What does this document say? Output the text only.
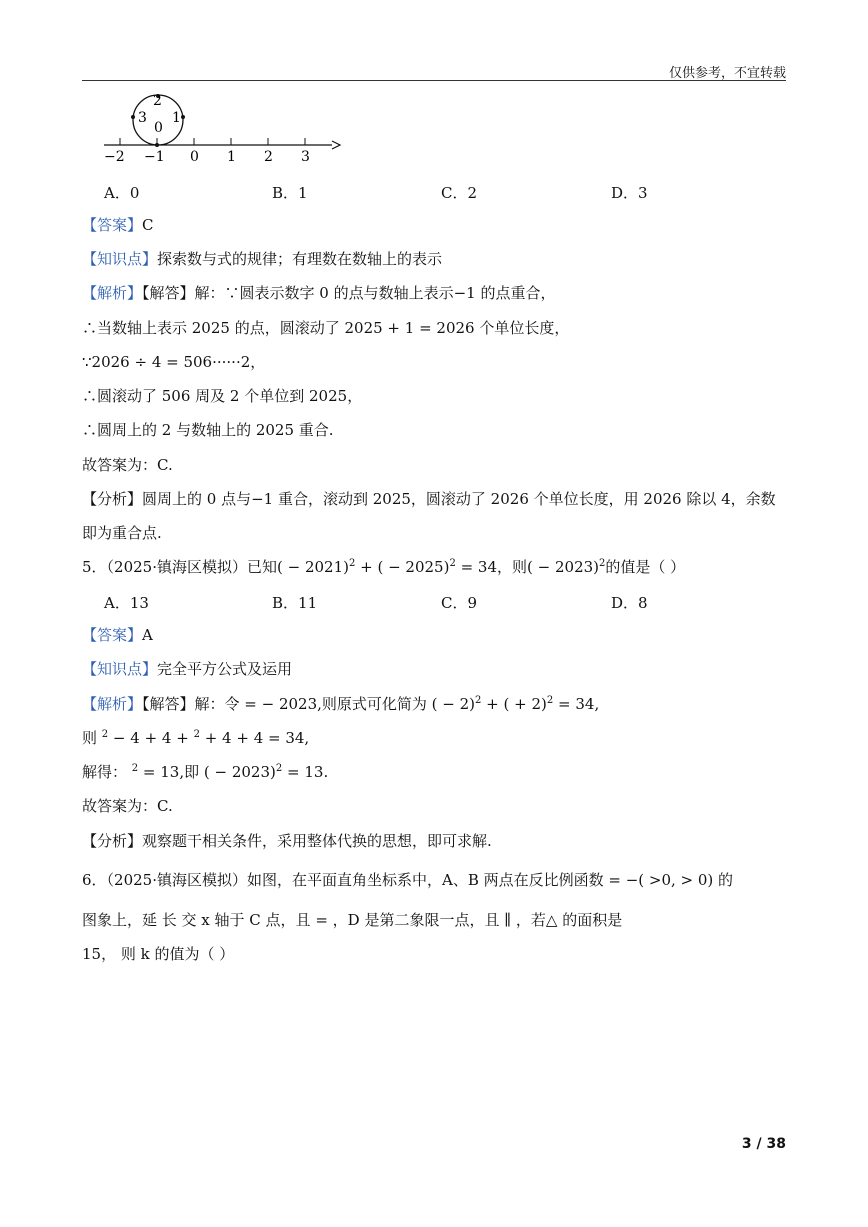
仅供参考，不宜转载
2
3
0
1
−2 −1 0 1 2 3
A．0	B．1	C．2	D．3
【答案】C
【知识点】探索数与式的规律；有理数在数轴上的表示
【解析】【解答】解：∵圆表示数字 0 的点与数轴上表示−1 的点重合，
∴当数轴上表示 2025 的点，圆滚动了 2025 + 1 = 2026 个单位长度，
∵2026 ÷ 4 = 506······2，
∴圆滚动了 506 周及 2 个单位到 2025，
∴圆周上的 2 与数轴上的 2025 重合.
故答案为：C.
【分析】圆周上的 0 点与−1 重合，滚动到 2025，圆滚动了 2026 个单位长度，用 2026 除以 4，余数
即为重合点.
5．（2025·镇海区模拟）已知( − 2021)$^2$ + ( − 2025)$^2$ = 34，则( − 2023)$^2$的值是（ ）
A．13	B．11	C．9	D．8
【答案】A
【知识点】完全平方公式及运用
【解析】【解答】解：令 = − 2023,则原式可化简为 ( − 2)$^2$ + ( + 2)$^2$ = 34,
则 $^2$ − 4 + 4 + $^2$ + 4 + 4 = 34,
解得： $^2$ = 13,即 ( − 2023)$^2$ = 13.
故答案为：C.
【分析】观察题干相关条件，采用整体代换的思想，即可求解.
6．（2025·镇海区模拟）如图，在平面直角坐标系中，A、B 两点在反比例函数 = −( >0, > 0) 的
图象上，延 长 交 x 轴于 C 点，且 = ，D 是第二象限一点，且 ∥ ，若△ 的面积是
15， 则 k 的值为（ ）
3 / 38
